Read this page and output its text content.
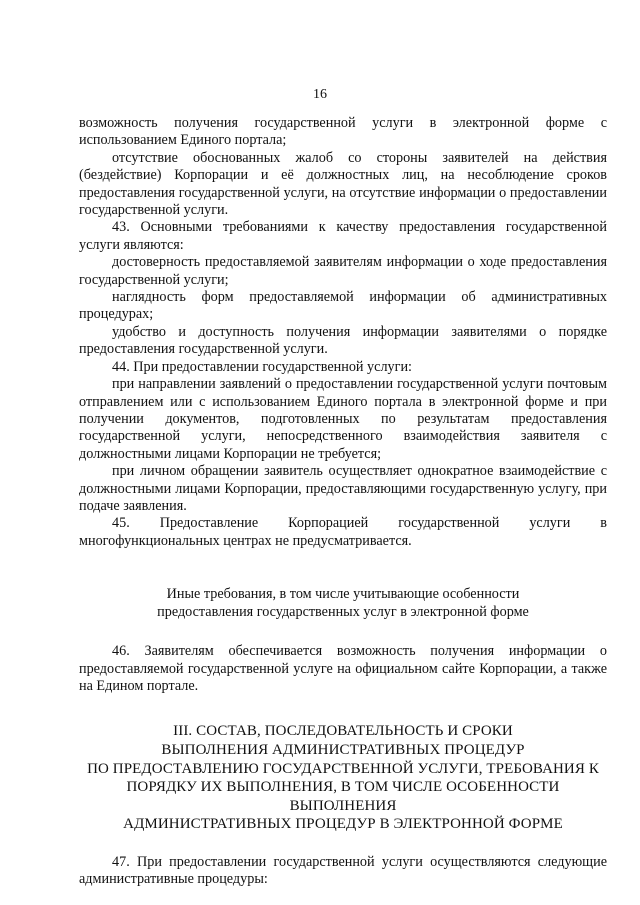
16

возможность получения государственной услуги в электронной форме с использованием Единого портала;

отсутствие обоснованных жалоб со стороны заявителей на действия (бездействие) Корпорации и её должностных лиц, на несоблюдение сроков предоставления государственной услуги, на отсутствие информации о предоставлении государственной услуги.

43. Основными требованиями к качеству предоставления государственной услуги являются:

достоверность предоставляемой заявителям информации о ходе предоставления государственной услуги;

наглядность форм предоставляемой информации об административных процедурах;

удобство и доступность получения информации заявителями о порядке предоставления государственной услуги.

44. При предоставлении государственной услуги:

при направлении заявлений о предоставлении государственной услуги почтовым отправлением или с использованием Единого портала в электронной форме и при получении документов, подготовленных по результатам предоставления государственной услуги, непосредственного взаимодействия заявителя с должностными лицами Корпорации не требуется;

при личном обращении заявитель осуществляет однократное взаимодействие с должностными лицами Корпорации, предоставляющими государственную услугу, при подаче заявления.

45. Предоставление Корпорацией государственной услуги в многофункциональных центрах не предусматривается.

Иные требования, в том числе учитывающие особенности

предоставления государственных услуг в электронной форме

46. Заявителям обеспечивается возможность получения информации о предоставляемой государственной услуге на официальном сайте Корпорации, а также на Едином портале.

III. СОСТАВ, ПОСЛЕДОВАТЕЛЬНОСТЬ И СРОКИ
ВЫПОЛНЕНИЯ АДМИНИСТРАТИВНЫХ ПРОЦЕДУР
ПО ПРЕДОСТАВЛЕНИЮ ГОСУДАРСТВЕННОЙ УСЛУГИ, ТРЕБОВАНИЯ К
ПОРЯДКУ ИХ ВЫПОЛНЕНИЯ, В ТОМ ЧИСЛЕ ОСОБЕННОСТИ ВЫПОЛНЕНИЯ
АДМИНИСТРАТИВНЫХ ПРОЦЕДУР В ЭЛЕКТРОННОЙ ФОРМЕ

47. При предоставлении государственной услуги осуществляются следующие административные процедуры:
